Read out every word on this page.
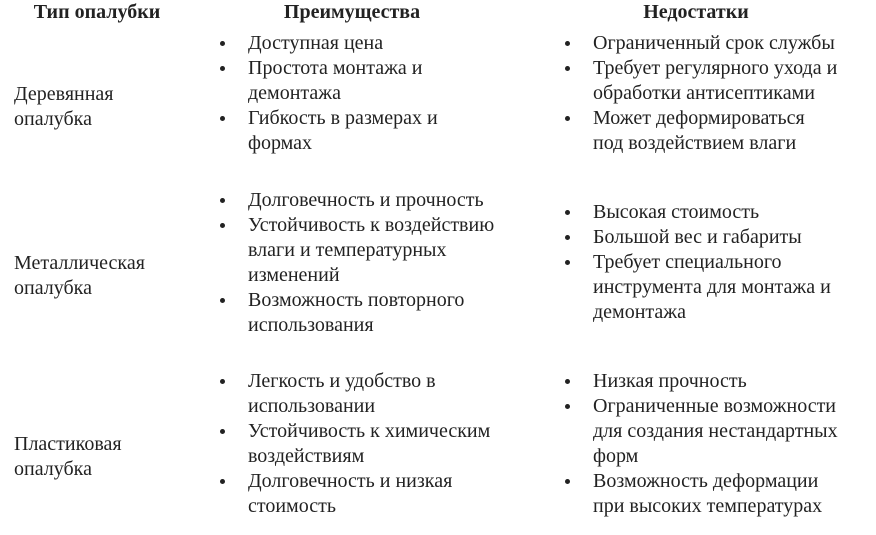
Тип опалубки	Преимущества	Недостатки
Деревянная
опалубка
Доступная цена
Простота монтажа и
демонтажа
Гибкость в размерах и
формах
Ограниченный срок службы
Требует регулярного ухода и
обработки антисептиками
Может деформироваться
под воздействием влаги
Металлическая
опалубка
Долговечность и прочность
Устойчивость к воздействию
влаги и температурных
изменений
Возможность повторного
использования
Высокая стоимость
Большой вес и габариты
Требует специального
инструмента для монтажа и
демонтажа
Пластиковая
опалубка
Легкость и удобство в
использовании
Устойчивость к химическим
воздействиям
Долговечность и низкая
стоимость
Низкая прочность
Ограниченные возможности
для создания нестандартных
форм
Возможность деформации
при высоких температурах
